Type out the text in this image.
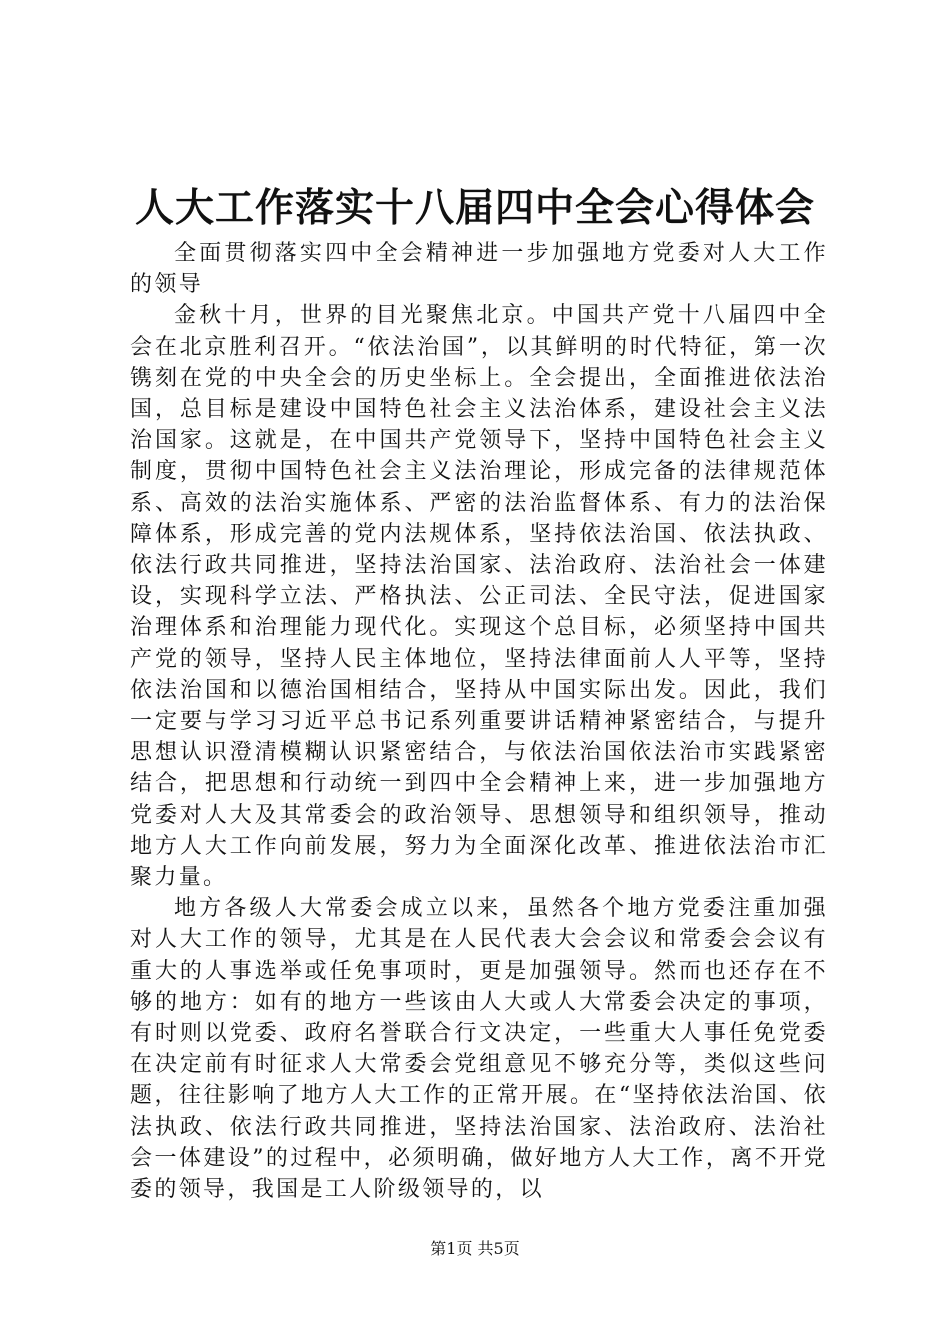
人大工作落实十八届四中全会心得体会

全面贯彻落实四中全会精神进一步加强地方党委对人大工作的领导

金秋十月，世界的目光聚焦北京。中国共产党十八届四中全会在北京胜利召开。“依法治国”，以其鲜明的时代特征，第一次镌刻在党的中央全会的历史坐标上。全会提出，全面推进依法治国，总目标是建设中国特色社会主义法治体系，建设社会主义法治国家。这就是，在中国共产党领导下，坚持中国特色社会主义制度，贯彻中国特色社会主义法治理论，形成完备的法律规范体系、高效的法治实施体系、严密的法治监督体系、有力的法治保障体系，形成完善的党内法规体系，坚持依法治国、依法执政、依法行政共同推进，坚持法治国家、法治政府、法治社会一体建设，实现科学立法、严格执法、公正司法、全民守法，促进国家治理体系和治理能力现代化。实现这个总目标，必须坚持中国共产党的领导，坚持人民主体地位，坚持法律面前人人平等，坚持依法治国和以德治国相结合，坚持从中国实际出发。因此，我们一定要与学习习近平总书记系列重要讲话精神紧密结合，与提升思想认识澄清模糊认识紧密结合，与依法治国依法治市实践紧密结合，把思想和行动统一到四中全会精神上来，进一步加强地方党委对人大及其常委会的政治领导、思想领导和组织领导，推动地方人大工作向前发展，努力为全面深化改革、推进依法治市汇聚力量。

地方各级人大常委会成立以来，虽然各个地方党委注重加强对人大工作的领导，尤其是在人民代表大会会议和常委会会议有重大的人事选举或任免事项时，更是加强领导。然而也还存在不够的地方：如有的地方一些该由人大或人大常委会决定的事项，有时则以党委、政府名誉联合行文决定，一些重大人事任免党委在决定前有时征求人大常委会党组意见不够充分等，类似这些问题，往往影响了地方人大工作的正常开展。在“坚持依法治国、依法执政、依法行政共同推进，坚持法治国家、法治政府、法治社会一体建设”的过程中，必须明确，做好地方人大工作，离不开党委的领导，我国是工人阶级领导的，以

第1页 共5页
